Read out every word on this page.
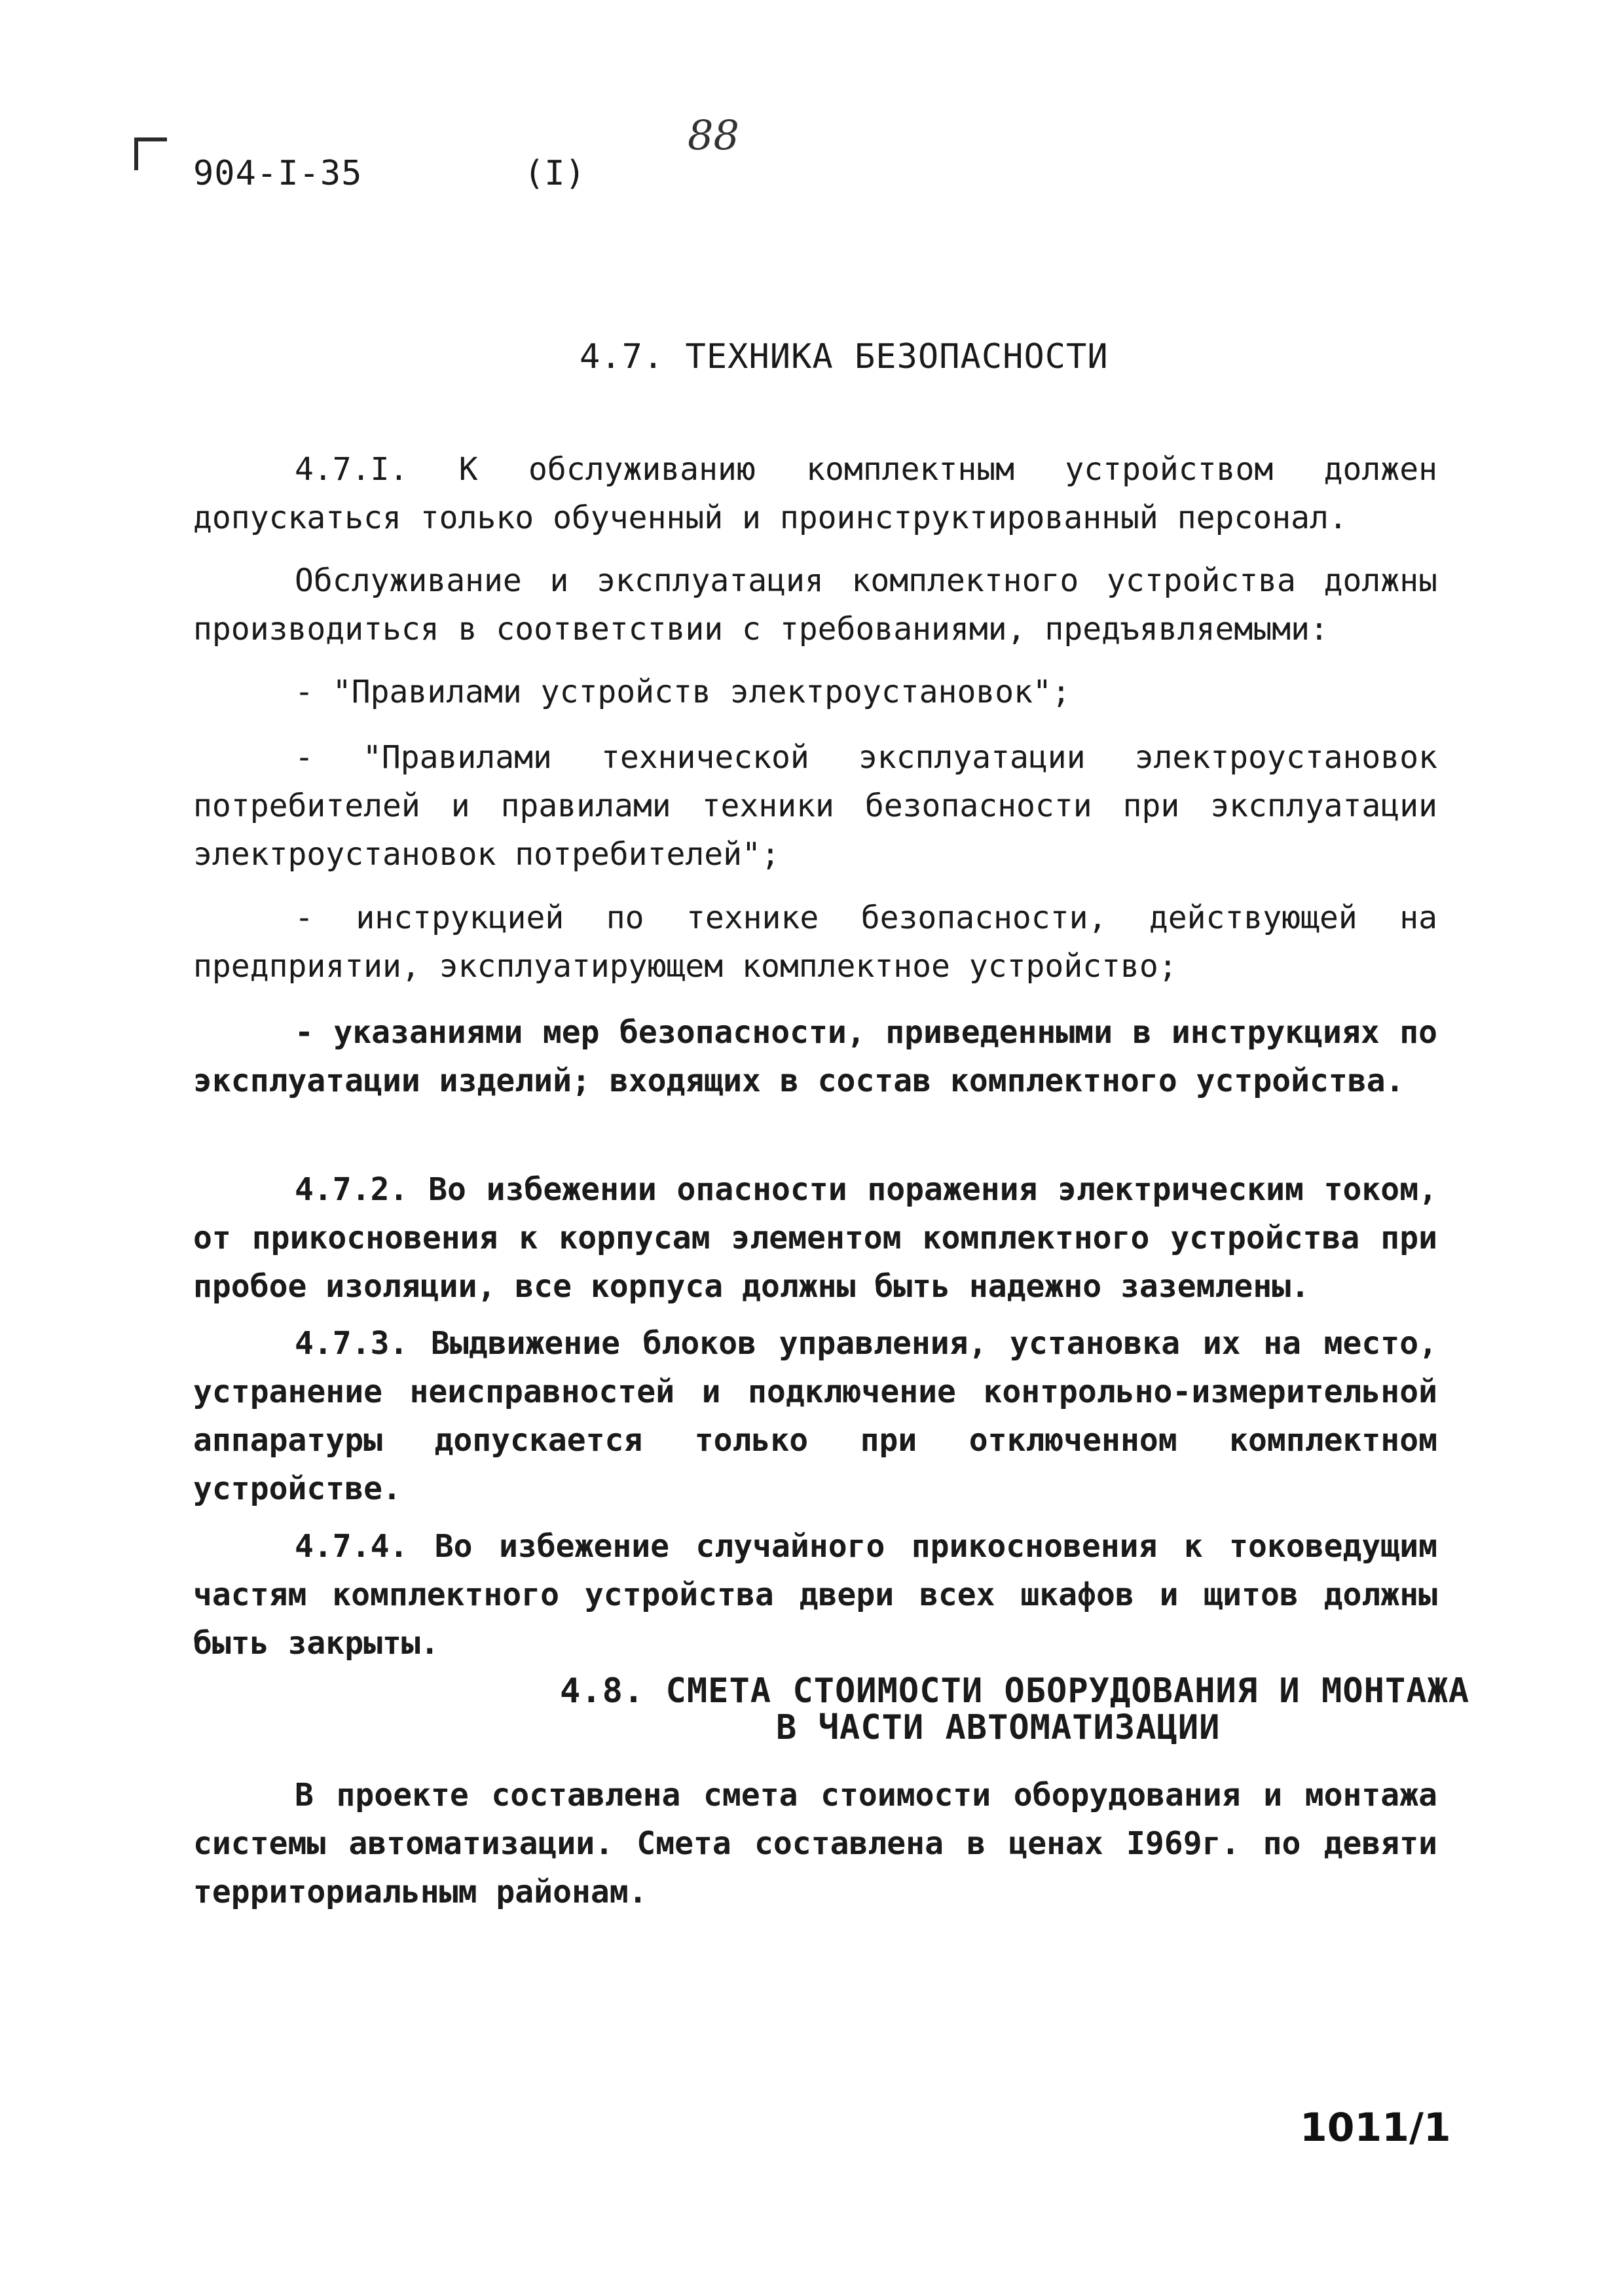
904-I-35	(I)
88
4.7. ТЕХНИКА БЕЗОПАСНОСТИ

4.7.I. К обслуживанию комплектным устройством должен допускаться только обученный и проинструктированный персонал.

Обслуживание и эксплуатация комплектного устройства должны производиться в соответствии с требованиями, предъявляемыми:

- "Правилами устройств электроустановок";

- "Правилами технической эксплуатации электроустановок потребителей и правилами техники безопасности при эксплуатации электроустановок потребителей";

- инструкцией по технике безопасности, действующей на предприятии, эксплуатирующем комплектное устройство;

- указаниями мер безопасности, приведенными в инструкциях по эксплуатации изделий; входящих в состав комплектного устройства.

4.7.2. Во избежении опасности поражения электрическим током, от прикосновения к корпусам элементом комплектного устройства при пробое изоляции, все корпуса должны быть надежно заземлены.

4.7.3. Выдвижение блоков управления, установка их на место, устранение неисправностей и подключение контрольно-измерительной аппаратуры допускается только при отключенном комплектном устройстве.

4.7.4. Во избежение случайного прикосновения к токоведущим частям комплектного устройства двери всех шкафов и щитов должны быть закрыты.

4.8. СМЕТА СТОИМОСТИ ОБОРУДОВАНИЯ И МОНТАЖА
В ЧАСТИ АВТОМАТИЗАЦИИ

В проекте составлена смета стоимости оборудования и монтажа системы автоматизации. Смета составлена в ценах I969г. по девяти территориальным районам.

1011/1
